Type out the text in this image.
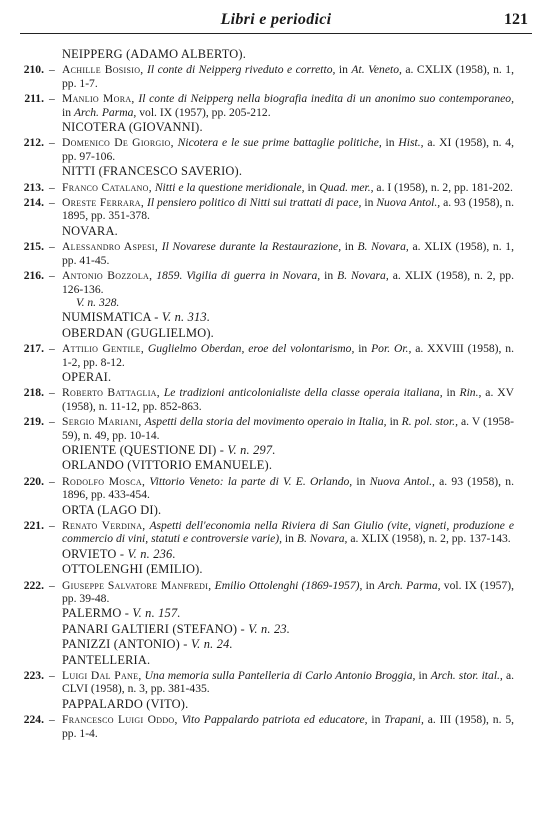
Libri e periodici	121
NEIPPERG (ADAMO ALBERTO).
210. – Achille Bosisio, Il conte di Neipperg riveduto e corretto, in At. Veneto, a. CXLIX (1958), n. 1, pp. 1-7.
211. – Manlio Mora, Il conte di Neipperg nella biografia inedita di un anonimo suo contemporaneo, in Arch. Parma, vol. IX (1957), pp. 205-212.
NICOTERA (GIOVANNI).
212. – Domenico De Giorgio, Nicotera e le sue prime battaglie politiche, in Hist., a. XI (1958), n. 4, pp. 97-106.
NITTI (FRANCESCO SAVERIO).
213. – Franco Catalano, Nitti e la questione meridionale, in Quad. mer., a. I (1958), n. 2, pp. 181-202.
214. – Oreste Ferrara, Il pensiero politico di Nitti sui trattati di pace, in Nuova Antol., a. 93 (1958), n. 1895, pp. 351-378.
NOVARA.
215. – Alessandro Aspesi, Il Novarese durante la Restaurazione, in B. Novara, a. XLIX (1958), n. 1, pp. 41-45.
216. – Antonio Bozzola, 1859. Vigilia di guerra in Novara, in B. Novara, a. XLIX (1958), n. 2, pp. 126-136.
V. n. 328.
NUMISMATICA - V. n. 313.
OBERDAN (GUGLIELMO).
217. – Attilio Gentile, Guglielmo Oberdan, eroe del volontarismo, in Por. Or., a. XXVIII (1958), n. 1-2, pp. 8-12.
OPERAI.
218. – Roberto Battaglia, Le tradizioni anticolonialiste della classe operaia italiana, in Rin., a. XV (1958), n. 11-12, pp. 852-863.
219. – Sergio Mariani, Aspetti della storia del movimento operaio in Italia, in R. pol. stor., a. V (1958-59), n. 49, pp. 10-14.
ORIENTE (QUESTIONE DI) - V. n. 297.
ORLANDO (VITTORIO EMANUELE).
220. – Rodolfo Mosca, Vittorio Veneto: la parte di V. E. Orlando, in Nuova Antol., a. 93 (1958), n. 1896, pp. 433-454.
ORTA (LAGO DI).
221. – Renato Verdina, Aspetti dell'economia nella Riviera di San Giulio (vite, vigneti, produzione e commercio di vini, statuti e controversie varie), in B. Novara, a. XLIX (1958), n. 2, pp. 137-143.
ORVIETO - V. n. 236.
OTTOLENGHI (EMILIO).
222. – Giuseppe Salvatore Manfredi, Emilio Ottolenghi (1869-1957), in Arch. Parma, vol. IX (1957), pp. 39-48.
PALERMO - V. n. 157.
PANARI GALTIERI (STEFANO) - V. n. 23.
PANIZZI (ANTONIO) - V. n. 24.
PANTELLERIA.
223. – Luigi Dal Pane, Una memoria sulla Pantelleria di Carlo Antonio Broggia, in Arch. stor. ital., a. CLVI (1958), n. 3, pp. 381-435.
PAPPALARDO (VITO).
224. – Francesco Luigi Oddo, Vito Pappalardo patriota ed educatore, in Trapani, a. III (1958), n. 5, pp. 1-4.
